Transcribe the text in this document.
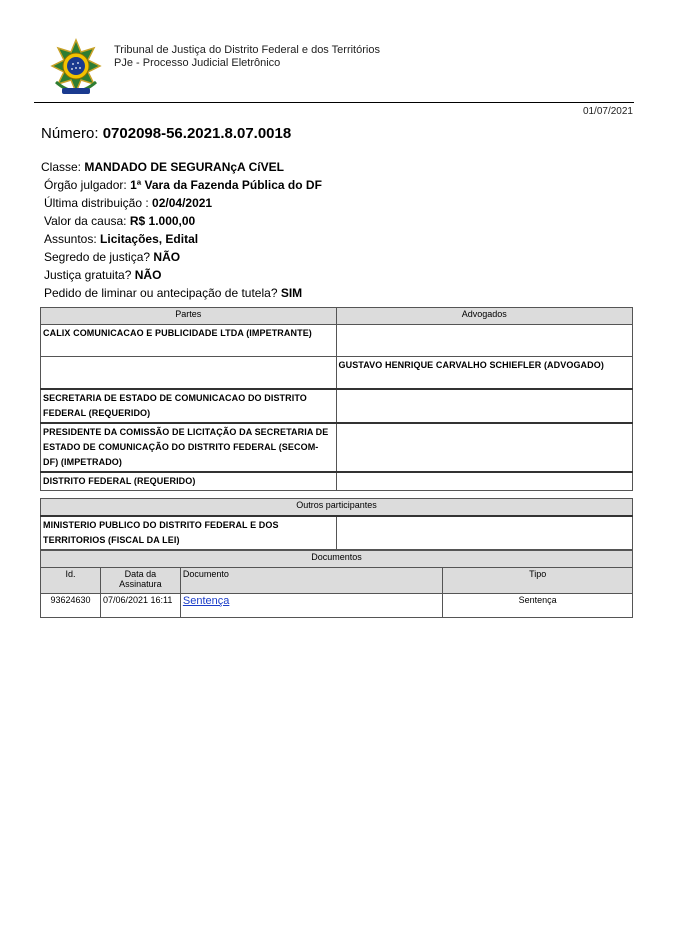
Tribunal de Justiça do Distrito Federal e dos Territórios
PJe - Processo Judicial Eletrônico
01/07/2021
Número: 0702098-56.2021.8.07.0018
Classe: MANDADO DE SEGURANçA CíVEL
Órgão julgador: 1ª Vara da Fazenda Pública do DF
Última distribuição : 02/04/2021
Valor da causa: R$ 1.000,00
Assuntos: Licitações, Edital
Segredo de justiça? NÃO
Justiça gratuita? NÃO
Pedido de liminar ou antecipação de tutela? SIM
Partes	Advogados
CALIX COMUNICACAO E PUBLICIDADE LTDA (IMPETRANTE)	
	GUSTAVO HENRIQUE CARVALHO SCHIEFLER (ADVOGADO)
SECRETARIA DE ESTADO DE COMUNICACAO DO DISTRITO FEDERAL (REQUERIDO)	
PRESIDENTE DA COMISSÃO DE LICITAÇÃO DA SECRETARIA DE ESTADO DE COMUNICAÇÃO DO DISTRITO FEDERAL (SECOM-DF) (IMPETRADO)	
DISTRITO FEDERAL (REQUERIDO)	
Outros participantes
MINISTERIO PUBLICO DO DISTRITO FEDERAL E DOS TERRITORIOS (FISCAL DA LEI)	
Documentos			
Id.	Data da Assinatura	Documento	Tipo
93624630	07/06/2021 16:11	Sentença	Sentença
